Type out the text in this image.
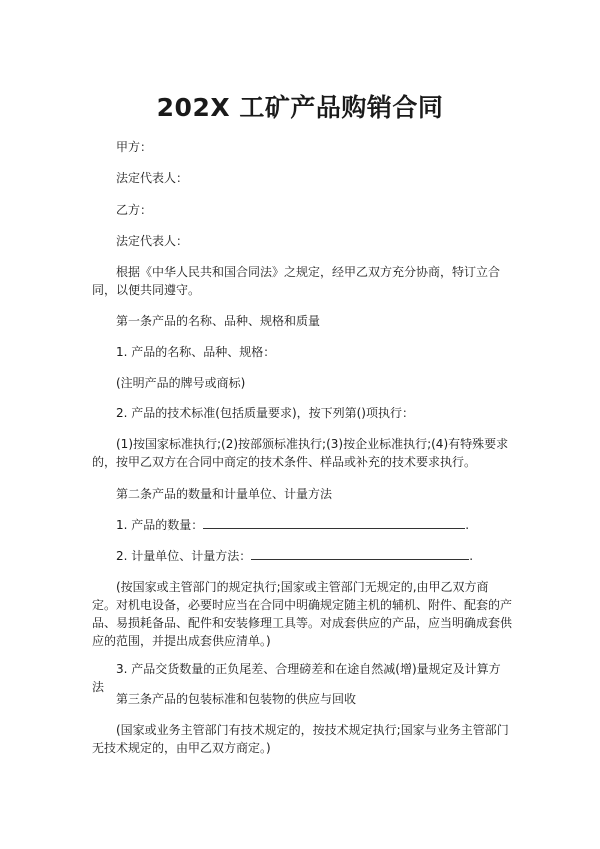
202X 工矿产品购销合同
甲方：
法定代表人：
乙方：
法定代表人：
根据《中华人民共和国合同法》之规定，经甲乙双方充分协商，特订立合同，以便共同遵守。
第一条产品的名称、品种、规格和质量
1. 产品的名称、品种、规格：
(注明产品的牌号或商标)
2. 产品的技术标准(包括质量要求)，按下列第()项执行：
(1)按国家标准执行;(2)按部颁标准执行;(3)按企业标准执行;(4)有特殊要求的，按甲乙双方在合同中商定的技术条件、样品或补充的技术要求执行。
第二条产品的数量和计量单位、计量方法
1. 产品的数量：	.
2. 计量单位、计量方法：	.
(按国家或主管部门的规定执行;国家或主管部门无规定的,由甲乙双方商定。对机电设备，必要时应当在合同中明确规定随主机的辅机、附件、配套的产品、易损耗备品、配件和安装修理工具等。对成套供应的产品，应当明确成套供应的范围，并提出成套供应清单。)
3. 产品交货数量的正负尾差、合理磅差和在途自然减(增)量规定及计算方法
第三条产品的包装标准和包装物的供应与回收
(国家或业务主管部门有技术规定的，按技术规定执行;国家与业务主管部门无技术规定的，由甲乙双方商定。)
